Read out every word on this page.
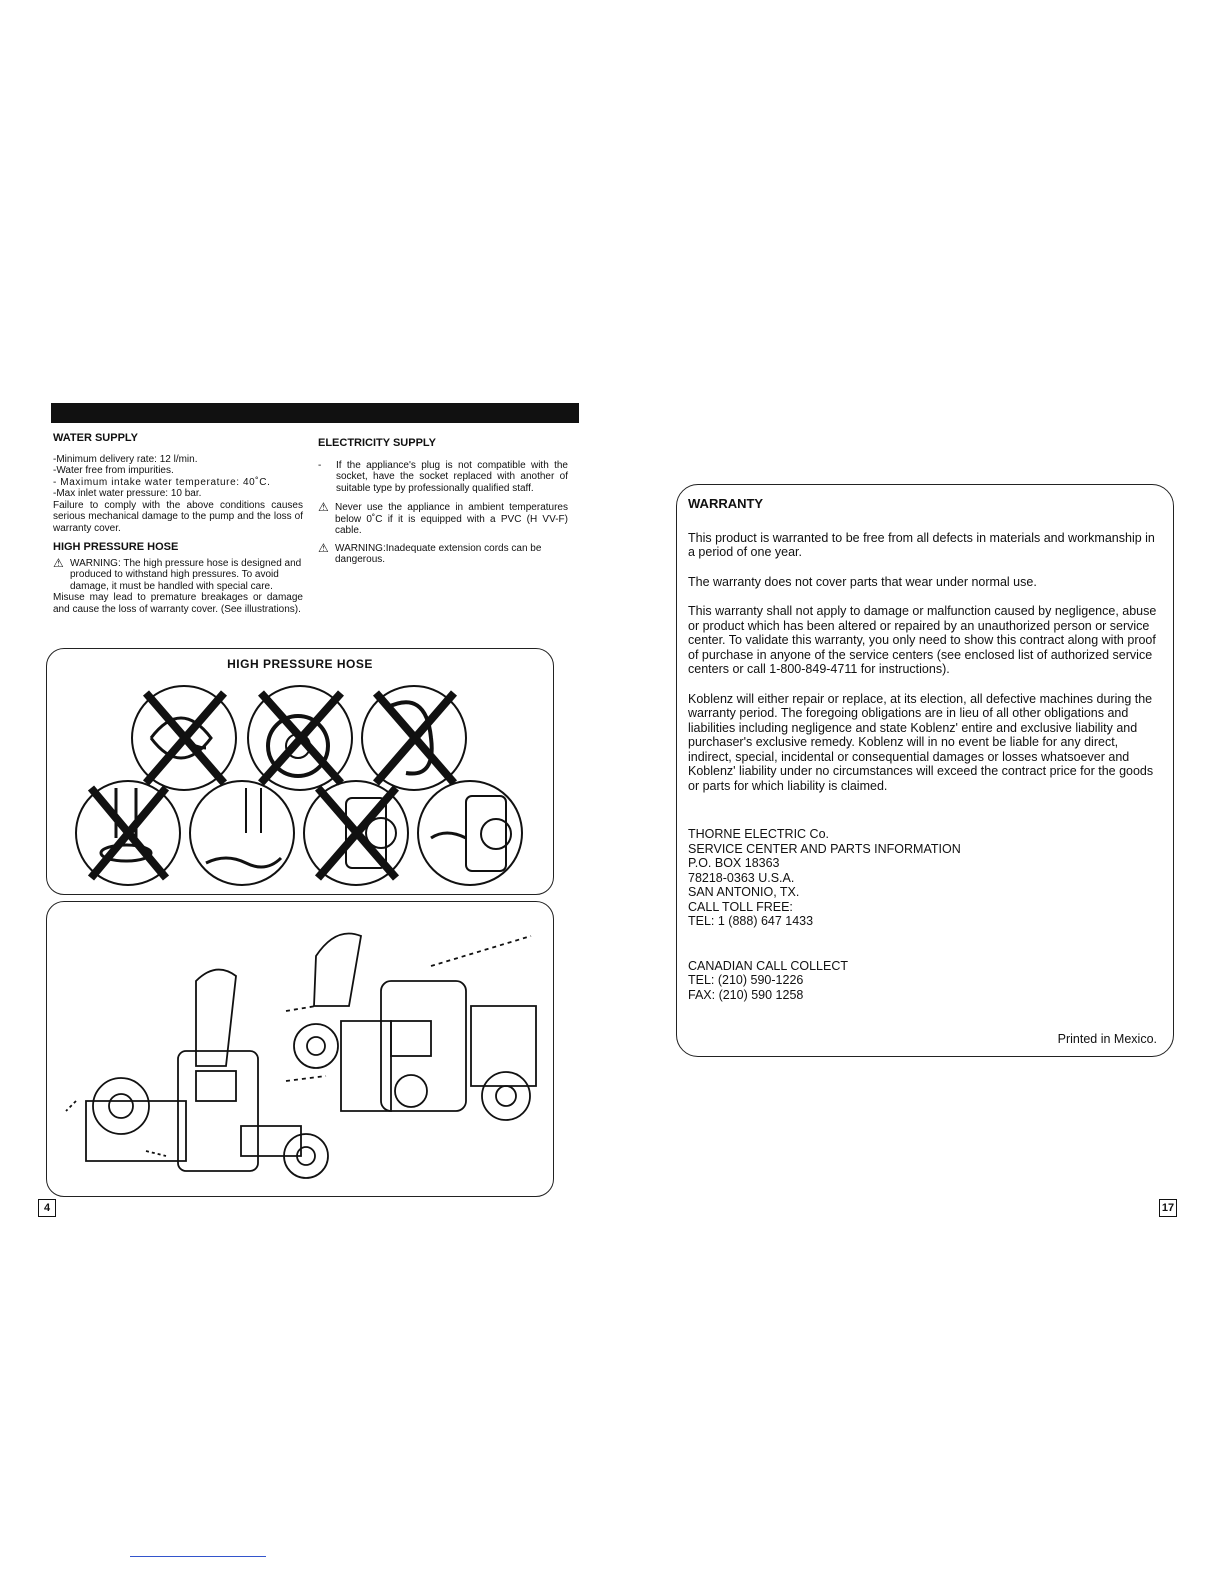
WATER SUPPLY
-Minimum delivery rate: 12 l/min.
-Water free from impurities.
- Maximum intake water temperature: 40˚C.
-Max inlet water pressure: 10 bar.
Failure to comply with the above conditions causes serious mechanical damage to the pump and the loss of warranty cover.
HIGH PRESSURE HOSE
⚠ WARNING: The high pressure hose is designed and produced to withstand high pressures. To avoid damage, it must be handled with special care.
Misuse may lead to premature breakages or damage and cause the loss of warranty cover. (See illustrations).
ELECTRICITY SUPPLY
- If the appliance's plug is not compatible with the socket, have the socket replaced with another of suitable type by professionally qualified staff.
⚠ Never use the appliance in ambient temperatures below 0˚C if it is equipped with a PVC (H VV-F) cable.
⚠ WARNING:Inadequate extension cords can be dangerous.
HIGH PRESSURE HOSE
4
WARRANTY
This product is warranted to be free from all defects in materials and workmanship in a period of one year.
The warranty does not cover parts that wear under normal use.
This warranty shall not apply to damage or malfunction caused by negligence, abuse or product which has been altered or repaired by an unauthorized person or service center. To validate this warranty, you only need to show this contract along with proof of purchase in anyone of the service centers (see enclosed list of authorized service centers or call 1-800-849-4711 for instructions).
Koblenz will either repair or replace, at its election, all defective machines during the warranty period. The foregoing obligations are in lieu of all other obligations and liabilities including negligence and state Koblenz' entire and exclusive liability and purchaser's exclusive remedy. Koblenz will in no event be liable for any direct, indirect, special, incidental or consequential damages or losses whatsoever and Koblenz' liability under no circumstances will exceed the contract price for the goods or parts for which liability is claimed.
THORNE ELECTRIC Co.
SERVICE CENTER AND PARTS INFORMATION
P.O. BOX 18363
78218-0363 U.S.A.
SAN ANTONIO, TX.
CALL TOLL FREE:
TEL: 1 (888) 647 1433
CANADIAN CALL COLLECT
TEL: (210) 590-1226
FAX: (210) 590 1258
Printed in Mexico.
17
